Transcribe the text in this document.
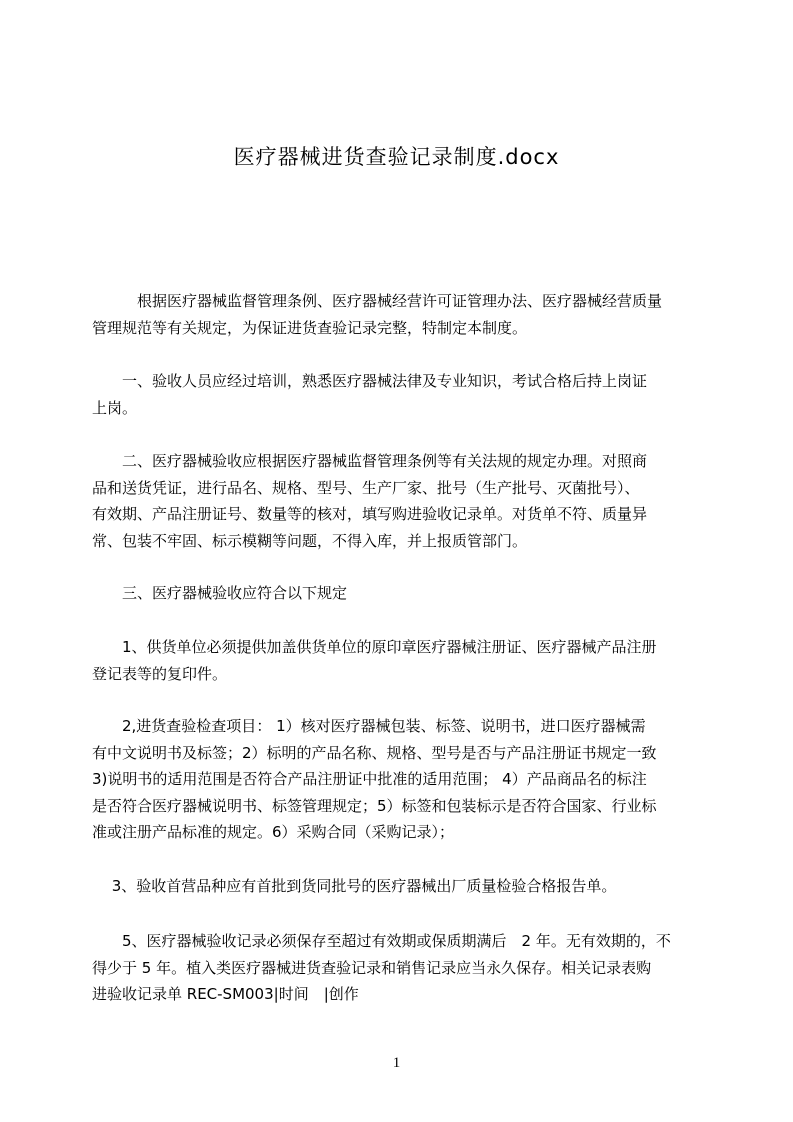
医疗器械进货查验记录制度.docx
　　　根据医疗器械监督管理条例、医疗器械经营许可证管理办法、医疗器械经营质量
管理规范等有关规定，为保证进货查验记录完整，特制定本制度。
　　一、验收人员应经过培训，熟悉医疗器械法律及专业知识，考试合格后持上岗证
上岗。
　　二、医疗器械验收应根据医疗器械监督管理条例等有关法规的规定办理。对照商
品和送货凭证，进行品名、规格、型号、生产厂家、批号（生产批号、灭菌批号）、
有效期、产品注册证号、数量等的核对，填写购进验收记录单。对货单不符、质量异
常、包装不牢固、标示模糊等问题，不得入库，并上报质管部门。
　　三、医疗器械验收应符合以下规定
　　1、供货单位必须提供加盖供货单位的原印章医疗器械注册证、医疗器械产品注册
登记表等的复印件。
　　2,进货查验检查项目： 1）核对医疗器械包装、标签、说明书，进口医疗器械需
有中文说明书及标签；2）标明的产品名称、规格、型号是否与产品注册证书规定一致
3)说明书的适用范围是否符合产品注册证中批准的适用范围； 4）产品商品名的标注
是否符合医疗器械说明书、标签管理规定；5）标签和包装标示是否符合国家、行业标
准或注册产品标准的规定。6）采购合同（采购记录）；
　 3、验收首营品种应有首批到货同批号的医疗器械出厂质量检验合格报告单。
　　5、医疗器械验收记录必须保存至超过有效期或保质期满后　2 年。无有效期的，不
得少于 5 年。植入类医疗器械进货查验记录和销售记录应当永久保存。相关记录表购
进验收记录单 REC-SM003|时间　|创作
1
